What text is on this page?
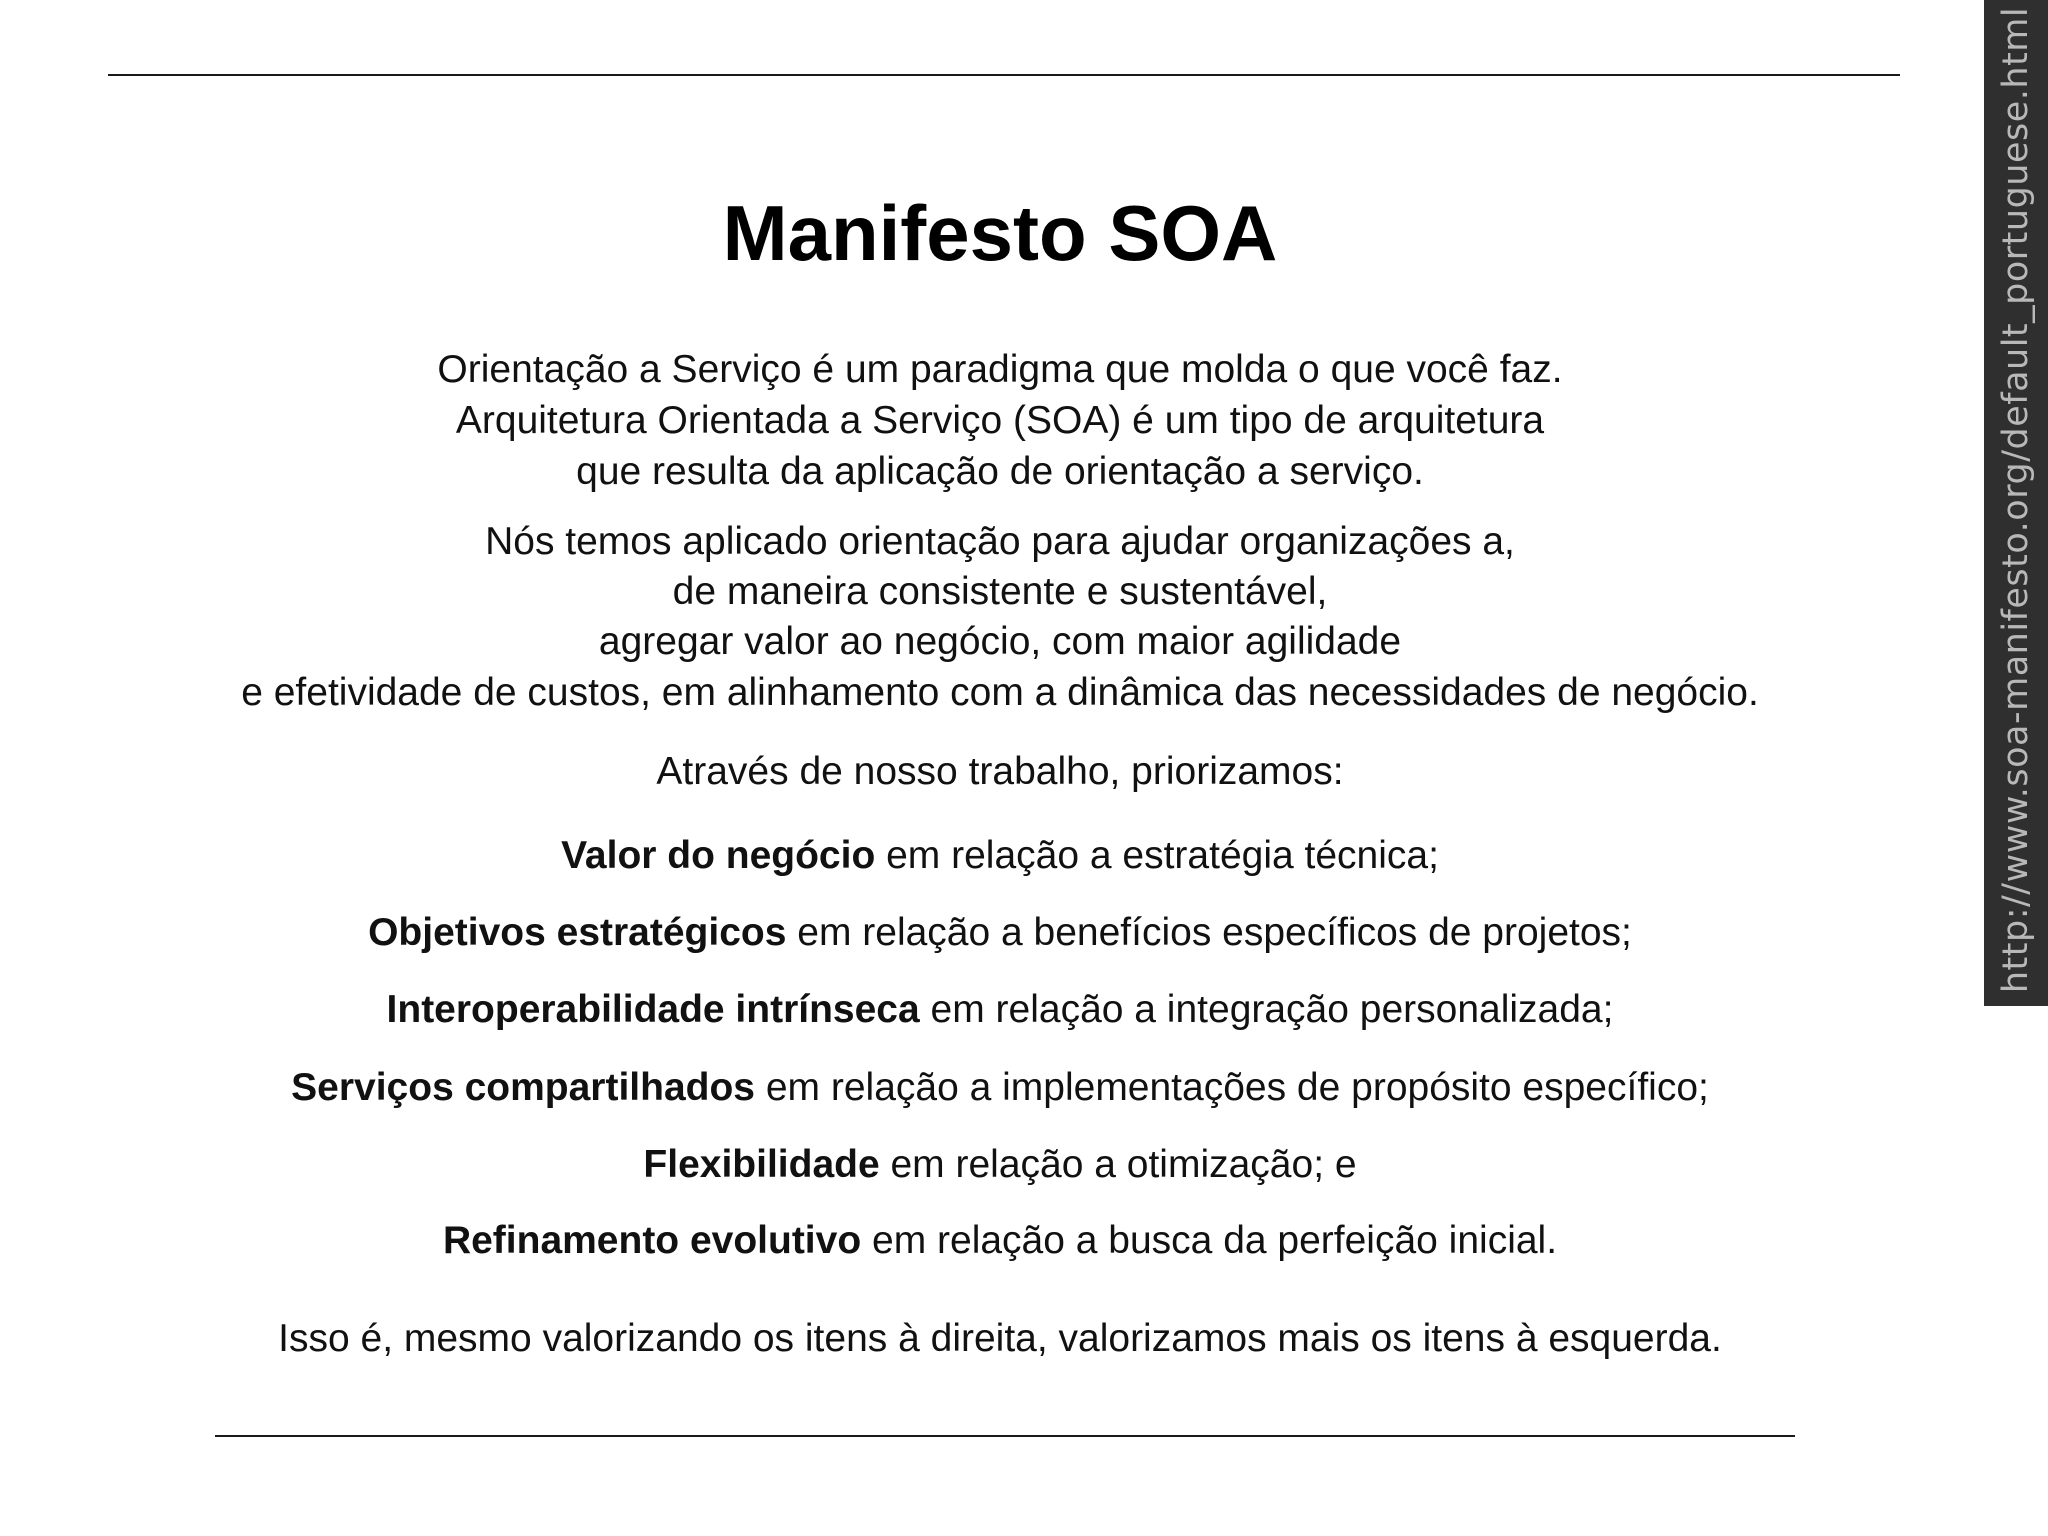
Manifesto SOA

Orientação a Serviço é um paradigma que molda o que você faz.

Arquitetura Orientada a Serviço (SOA) é um tipo de arquitetura

que resulta da aplicação de orientação a serviço.

Nós temos aplicado orientação para ajudar organizações a,

de maneira consistente e sustentável,

agregar valor ao negócio, com maior agilidade

e efetividade de custos, em alinhamento com a dinâmica das necessidades de negócio.

Através de nosso trabalho, priorizamos:

Valor do negócio em relação a estratégia técnica;

Objetivos estratégicos em relação a benefícios específicos de projetos;

Interoperabilidade intrínseca em relação a integração personalizada;

Serviços compartilhados em relação a implementações de propósito específico;

Flexibilidade em relação a otimização; e

Refinamento evolutivo em relação a busca da perfeição inicial.

Isso é, mesmo valorizando os itens à direita, valorizamos mais os itens à esquerda.

http://www.soa-manifesto.org/default_portuguese.html
